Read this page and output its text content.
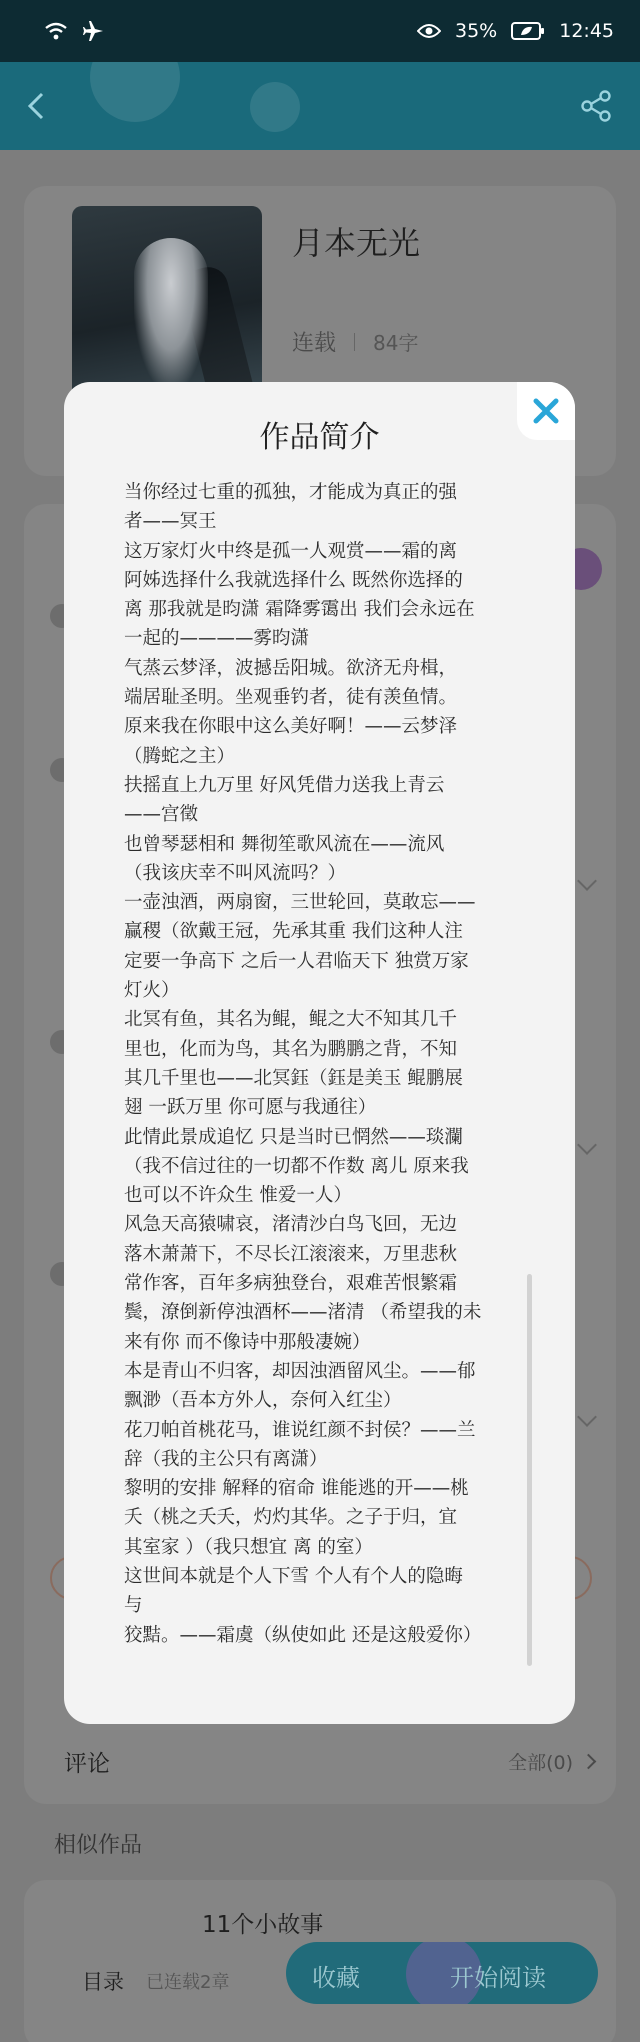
35%	12:45
月本无光
连载 84字
评论	全部(0)
相似作品
11个小故事
目录 已连载2章	收藏	开始阅读
作品简介
当你经过七重的孤独，才能成为真正的强
者——冥王
这万家灯火中终是孤一人观赏——霜的离
阿姊选择什么我就选择什么 既然你选择的
离 那我就是昀潇 霜降雾霭出 我们会永远在
一起的————雾昀潇
气蒸云梦泽，波撼岳阳城。欲济无舟楫，
端居耻圣明。坐观垂钓者，徒有羡鱼情。
原来我在你眼中这么美好啊！——云梦泽
（腾蛇之主）
扶摇直上九万里 好风凭借力送我上青云
——宫徵
也曾琴瑟相和 舞彻笙歌风流在——流风
（我该庆幸不叫风流吗？）
一壶浊酒，两扇窗，三世轮回，莫敢忘——
赢稷（欲戴王冠，先承其重 我们这种人注
定要一争高下 之后一人君临天下 独赏万家
灯火）
北冥有鱼，其名为鲲，鲲之大不知其几千
里也，化而为鸟，其名为鹏鹏之背，不知
其几千里也——北冥鈺（鈺是美玉 鲲鹏展
翅 一跃万里 你可愿与我通往）
此情此景成追忆 只是当时已惘然——琰瀾
（我不信过往的一切都不作数 离儿 原来我
也可以不许众生 惟爱一人）
风急天高猿啸哀，渚清沙白鸟飞回，无边
落木萧萧下，不尽长江滚滚来，万里悲秋
常作客，百年多病独登台，艰难苦恨繁霜
鬓，潦倒新停浊酒杯——渚清 （希望我的未
来有你 而不像诗中那般凄婉）
本是青山不归客，却因浊酒留风尘。——郁
飘渺（吾本方外人，奈何入红尘）
花刀帕首桃花马，谁说红颜不封侯？——兰
辞（我的主公只有离潇）
黎明的安排 解释的宿命 谁能逃的开——桃
夭（桃之夭夭，灼灼其华。之子于归，宜
其室家 ）（我只想宜 离 的室）
这世间本就是个人下雪 个人有个人的隐晦
与
狡黠。——霜虞（纵使如此 还是这般爱你）
